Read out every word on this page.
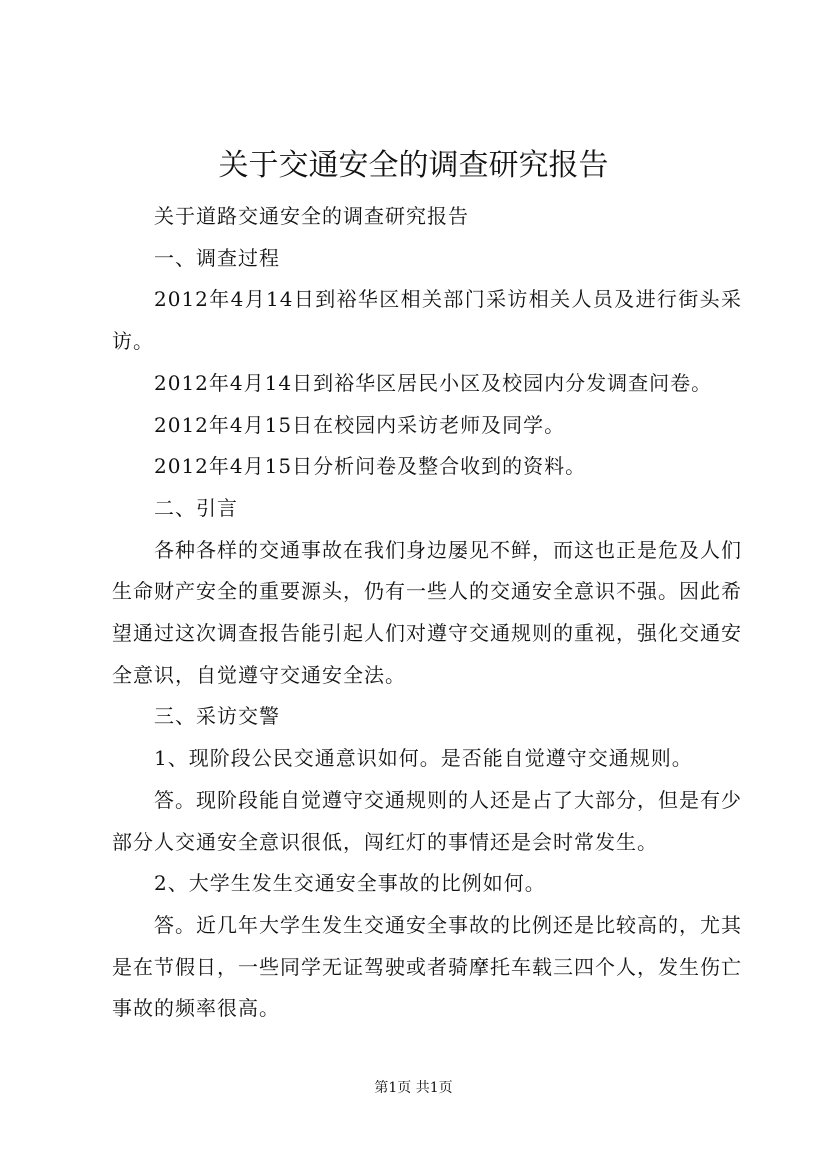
关于交通安全的调查研究报告

关于道路交通安全的调查研究报告

一、调查过程

2012年4月14日到裕华区相关部门采访相关人员及进行街头采访。

2012年4月14日到裕华区居民小区及校园内分发调查问卷。

2012年4月15日在校园内采访老师及同学。

2012年4月15日分析问卷及整合收到的资料。

二、引言

各种各样的交通事故在我们身边屡见不鲜，而这也正是危及人们生命财产安全的重要源头，仍有一些人的交通安全意识不强。因此希望通过这次调查报告能引起人们对遵守交通规则的重视，强化交通安全意识，自觉遵守交通安全法。

三、采访交警

1、现阶段公民交通意识如何。是否能自觉遵守交通规则。

答。现阶段能自觉遵守交通规则的人还是占了大部分，但是有少部分人交通安全意识很低，闯红灯的事情还是会时常发生。

2、大学生发生交通安全事故的比例如何。

答。近几年大学生发生交通安全事故的比例还是比较高的，尤其是在节假日，一些同学无证驾驶或者骑摩托车载三四个人，发生伤亡事故的频率很高。

第1页 共1页
